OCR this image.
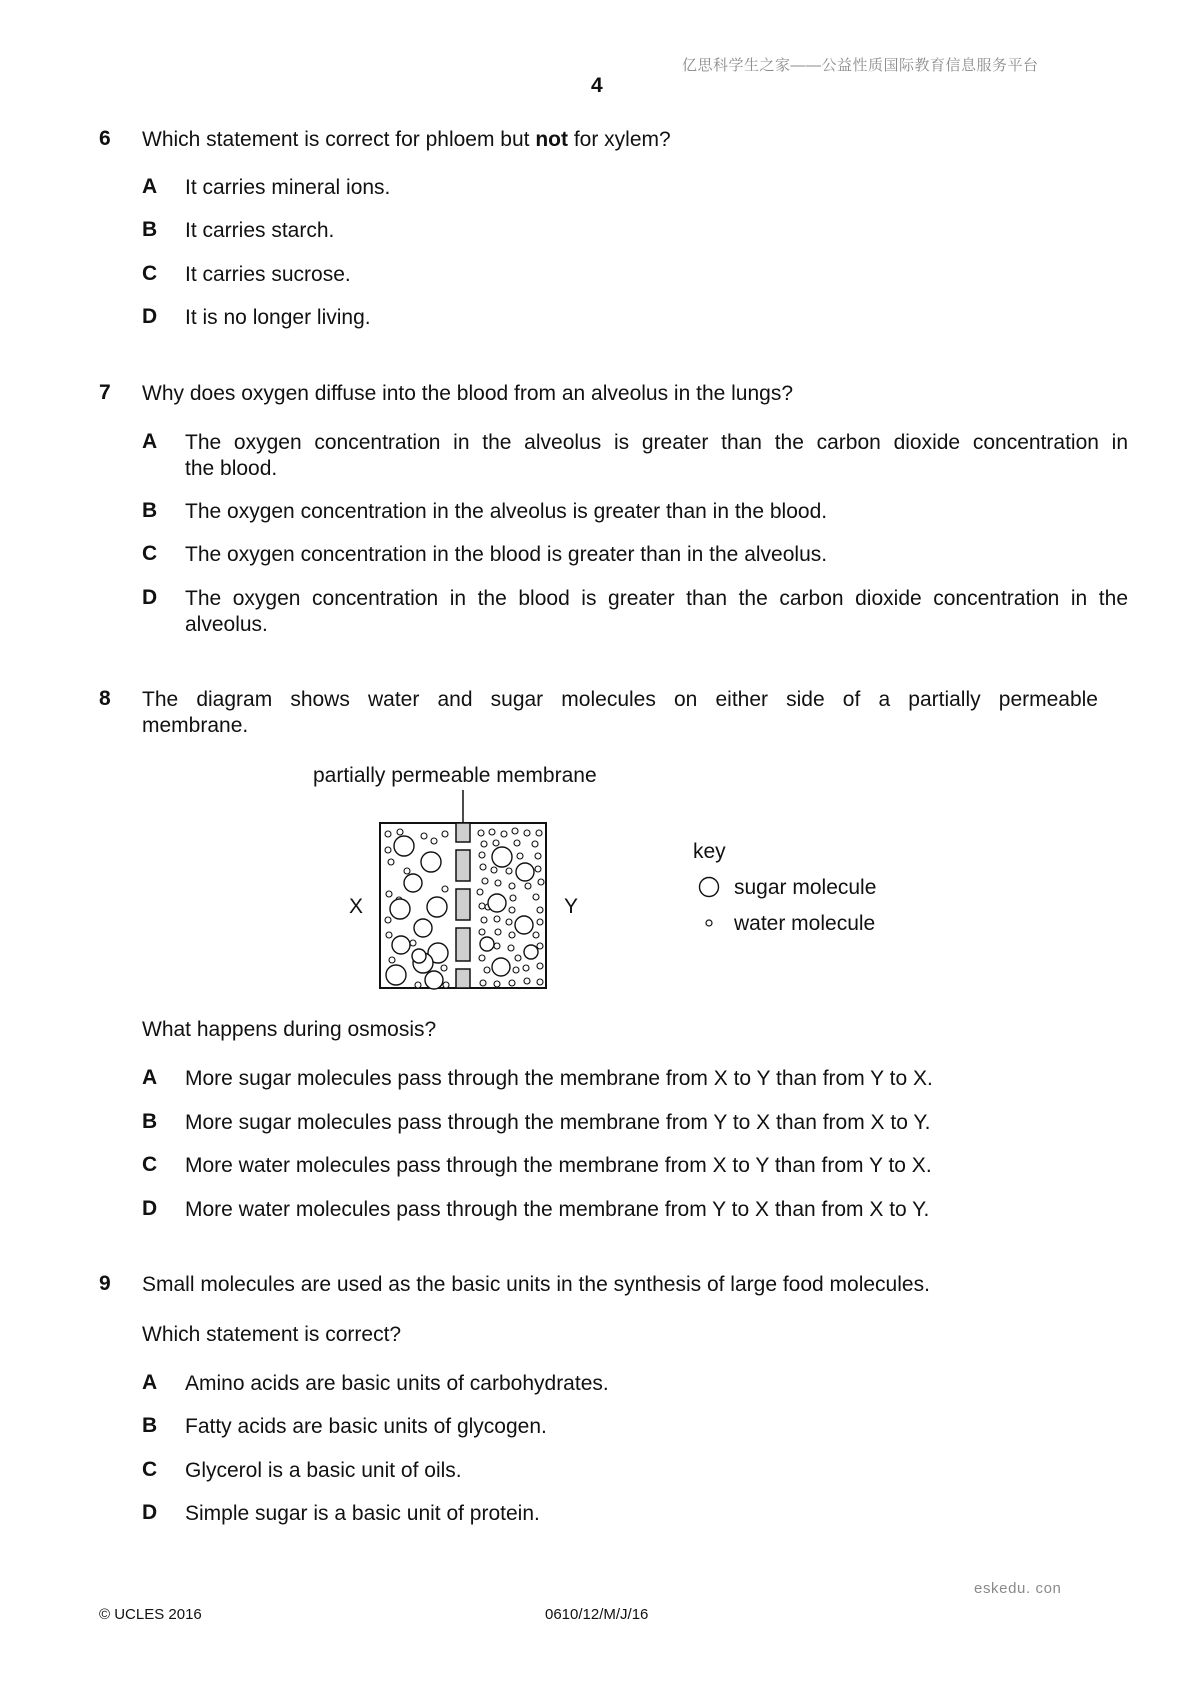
亿思科学生之家——公益性质国际教育信息服务平台
4
6 Which statement is correct for phloem but not for xylem?
A It carries mineral ions.
B It carries starch.
C It carries sucrose.
D It is no longer living.
7 Why does oxygen diffuse into the blood from an alveolus in the lungs?
A The oxygen concentration in the alveolus is greater than the carbon dioxide concentration in
the blood.
B The oxygen concentration in the alveolus is greater than in the blood.
C The oxygen concentration in the blood is greater than in the alveolus.
D The oxygen concentration in the blood is greater than the carbon dioxide concentration in the
alveolus.
8 The diagram shows water and sugar molecules on either side of a partially permeable
membrane.
partially permeable membrane
X	Y
key
sugar molecule
water molecule
What happens during osmosis?
A More sugar molecules pass through the membrane from X to Y than from Y to X.
B More sugar molecules pass through the membrane from Y to X than from X to Y.
C More water molecules pass through the membrane from X to Y than from Y to X.
D More water molecules pass through the membrane from Y to X than from X to Y.
9 Small molecules are used as the basic units in the synthesis of large food molecules.
Which statement is correct?
A Amino acids are basic units of carbohydrates.
B Fatty acids are basic units of glycogen.
C Glycerol is a basic unit of oils.
D Simple sugar is a basic unit of protein.
eskedu. con
© UCLES 2016	0610/12/M/J/16
